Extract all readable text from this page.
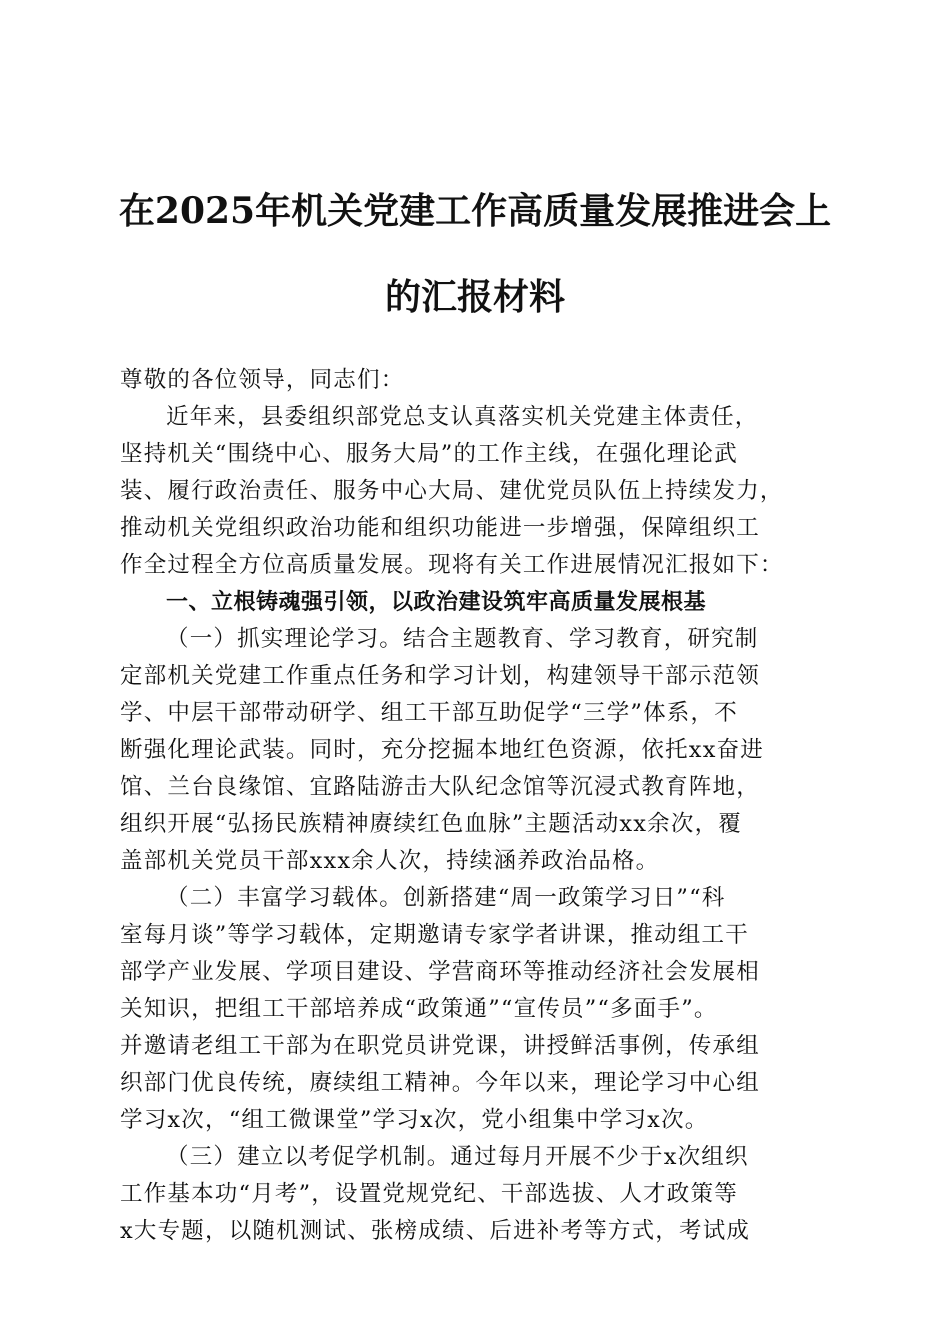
在2025年机关党建工作高质量发展推进会上
的汇报材料
尊敬的各位领导，同志们：
近年来，县委组织部党总支认真落实机关党建主体责任，
坚持机关“围绕中心、服务大局”的工作主线，在强化理论武
装、履行政治责任、服务中心大局、建优党员队伍上持续发力，
推动机关党组织政治功能和组织功能进一步增强，保障组织工
作全过程全方位高质量发展。现将有关工作进展情况汇报如下：
一、立根铸魂强引领，以政治建设筑牢高质量发展根基
（一）抓实理论学习。结合主题教育、学习教育，研究制
定部机关党建工作重点任务和学习计划，构建领导干部示范领
学、中层干部带动研学、组工干部互助促学“三学”体系，不
断强化理论武装。同时，充分挖掘本地红色资源，依托xx奋进
馆、兰台良缘馆、宜路陆游击大队纪念馆等沉浸式教育阵地，
组织开展“弘扬民族精神赓续红色血脉”主题活动xx余次，覆
盖部机关党员干部xxx余人次，持续涵养政治品格。
（二）丰富学习载体。创新搭建“周一政策学习日”“科
室每月谈”等学习载体，定期邀请专家学者讲课，推动组工干
部学产业发展、学项目建设、学营商环等推动经济社会发展相
关知识，把组工干部培养成“政策通”“宣传员”“多面手”。
并邀请老组工干部为在职党员讲党课，讲授鲜活事例，传承组
织部门优良传统，赓续组工精神。今年以来，理论学习中心组
学习x次，“组工微课堂”学习x次，党小组集中学习x次。
（三）建立以考促学机制。通过每月开展不少于x次组织
工作基本功“月考”，设置党规党纪、干部选拔、人才政策等
x大专题，以随机测试、张榜成绩、后进补考等方式，考试成
